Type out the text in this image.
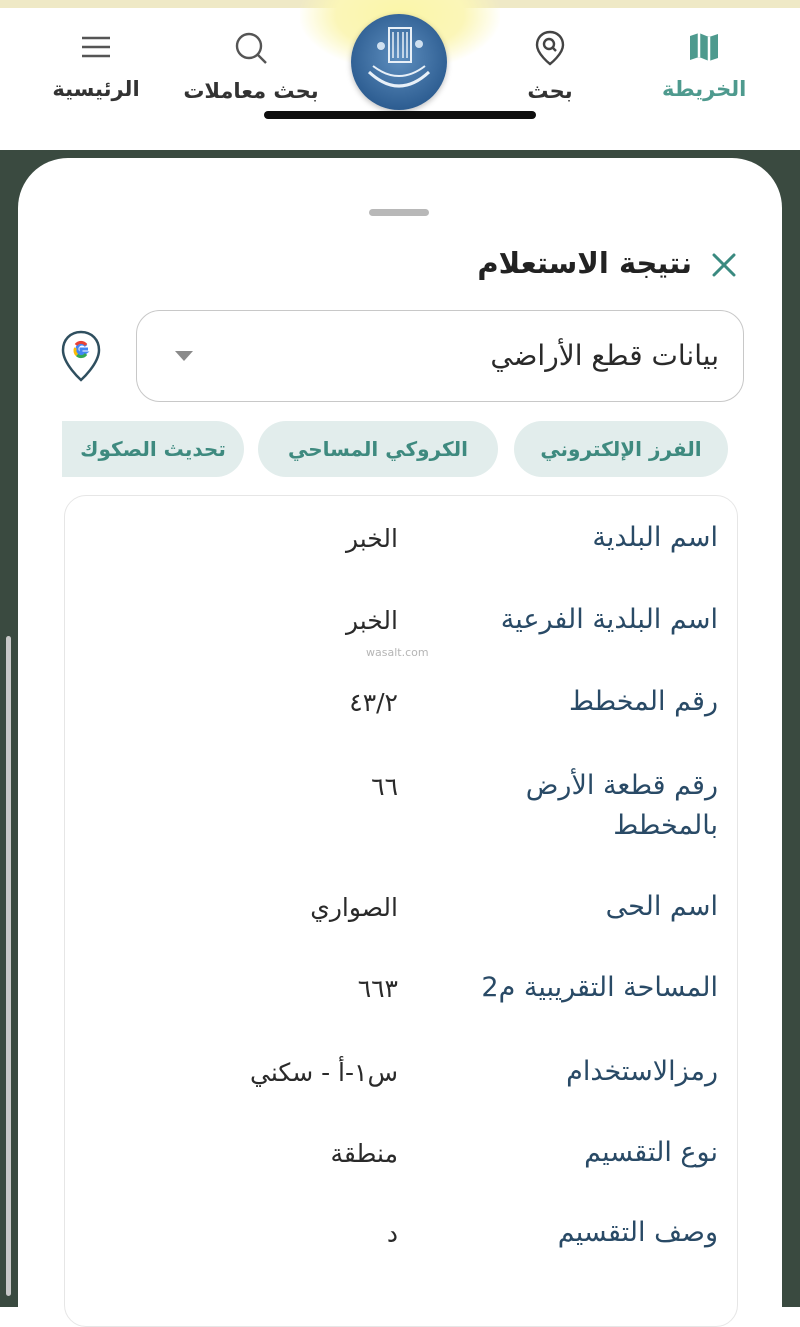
الخريطة
بحث
بحث معاملات
الرئيسية
نتيجة الاستعلام
بيانات قطع الأراضي
الفرز الإلكتروني
الكروكي المساحي
تحديث الصكوك
اسم البلدية
الخبر
اسم البلدية الفرعية
الخبر
wasalt.com
رقم المخطط
٤٣/٢
رقم قطعة الأرض بالمخطط
٦٦
اسم الحى
الصواري
المساحة التقريبية م2
٦٦٣
رمزالاستخدام
س١-أ - سكني
نوع التقسيم
منطقة
وصف التقسيم
د
